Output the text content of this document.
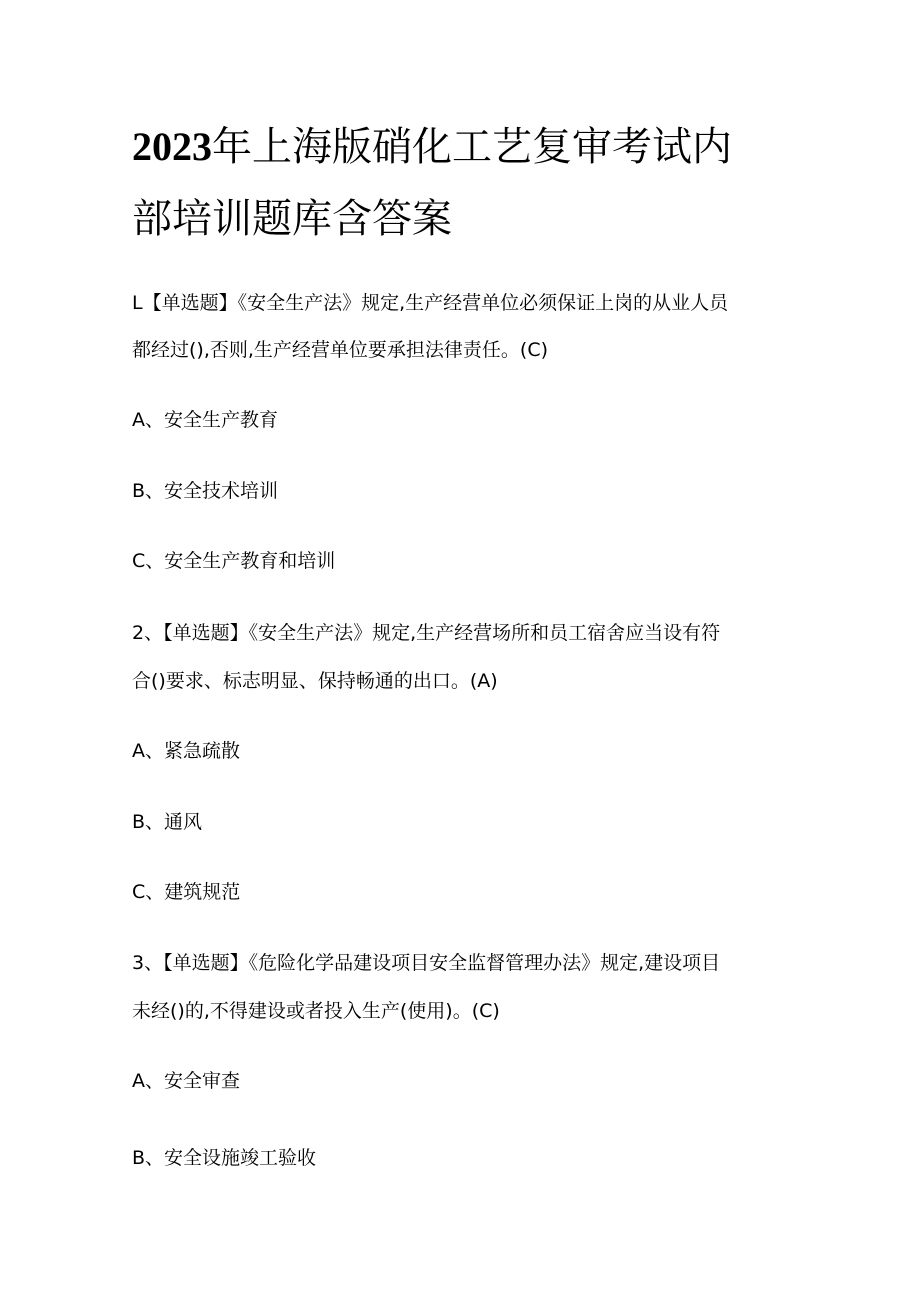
2023年上海版硝化工艺复审考试内
部培训题库含答案

L【单选题】《安全生产法》规定,生产经营单位必须保证上岗的从业人员

都经过(),否则,生产经营单位要承担法律责任。(C)

A、安全生产教育

B、安全技术培训

C、安全生产教育和培训

2、【单选题】《安全生产法》规定,生产经营场所和员工宿舍应当设有符

合()要求、标志明显、保持畅通的出口。(A)

A、紧急疏散

B、通风

C、建筑规范

3、【单选题】《危险化学品建设项目安全监督管理办法》规定,建设项目

未经()的,不得建设或者投入生产(使用)。(C)

A、安全审查

B、安全设施竣工验收
